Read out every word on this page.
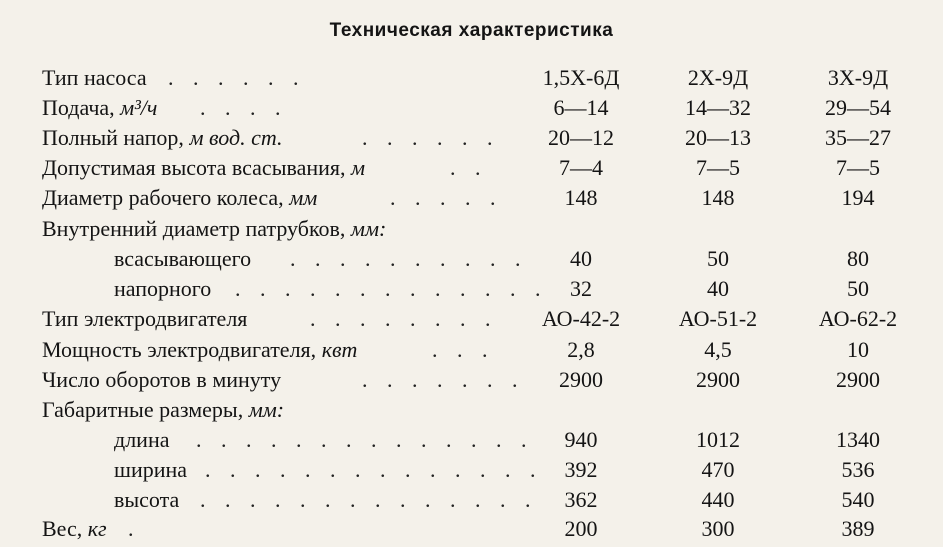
Техническая характеристика
Тип насоса . . . . . .	1,5Х-6Д	2Х-9Д	3Х-9Д
Подача, м³/ч . . . .	6—14	14—32	29—54
Полный напор, м вод. ст.	. . . . . .	20—12	20—13	35—27
Допустимая высота всасывания, м	. .	7—4	7—5	7—5
Диаметр рабочего колеса, мм	. . . . .	148	148	194
Внутренний диаметр патрубков, мм:
всасывающего . . . . . . . . . .	40	50	80
напорного . . . . . . . . . . . . .	32	40	50
Тип электродвигателя	. . . . . . . .	АО-42-2	АО-51-2	АО-62-2
Мощность электродвигателя, квт	. . .	2,8	4,5	10
Число оборотов в минуту	. . . . . . .	2900	2900	2900
Габаритные размеры, мм:
длина . . . . . . . . . . . . . .	940	1012	1340
ширина . . . . . . . . . . . . . .	392	470	536
высота . . . . . . . . . . . . . .	362	440	540
Вес, кг .	200	300	389
